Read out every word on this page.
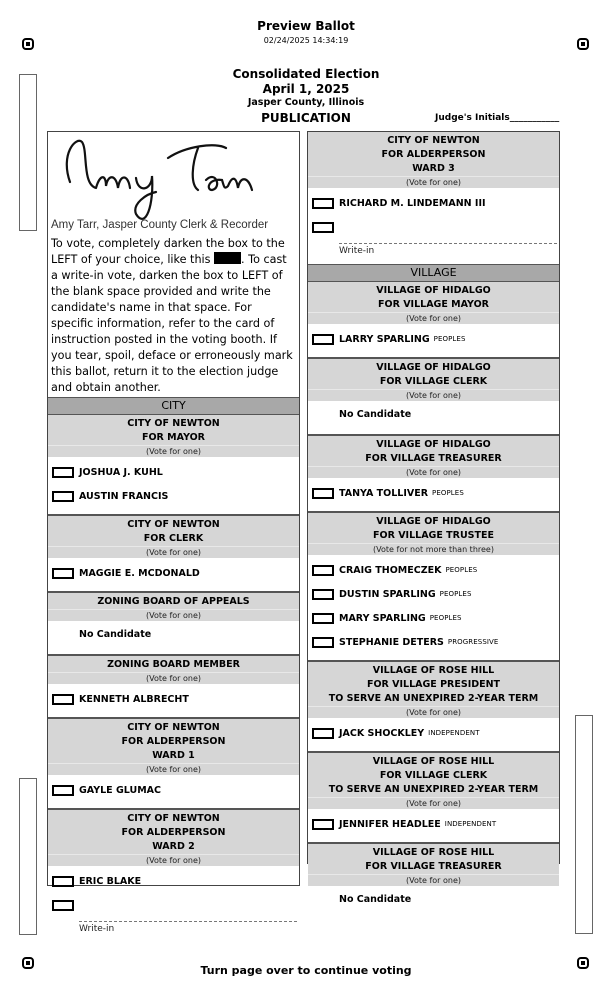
Preview Ballot
02/24/2025 14:34:19
Consolidated Election
April 1, 2025
Jasper County, Illinois
PUBLICATION	Judge's Initials___________
Amy Tarr, Jasper County Clerk & Recorder
To vote, completely darken the box to the LEFT of your choice, like this . To cast a write-in vote, darken the box to LEFT of the blank space provided and write the candidate's name in that space. For specific information, refer to the card of instruction posted in the voting booth. If you tear, spoil, deface or erroneously mark this ballot, return it to the election judge and obtain another.
CITY
CITY OF NEWTON
FOR MAYOR
(Vote for one)
JOSHUA J. KUHL
AUSTIN FRANCIS
CITY OF NEWTON
FOR CLERK
(Vote for one)
MAGGIE E. MCDONALD
ZONING BOARD OF APPEALS
(Vote for one)
No Candidate
ZONING BOARD MEMBER
(Vote for one)
KENNETH ALBRECHT
CITY OF NEWTON
FOR ALDERPERSON
WARD 1
(Vote for one)
GAYLE GLUMAC
CITY OF NEWTON
FOR ALDERPERSON
WARD 2
(Vote for one)
ERIC BLAKE
Write-in
CITY OF NEWTON
FOR ALDERPERSON
WARD 3
(Vote for one)
RICHARD M. LINDEMANN III
Write-in
VILLAGE
VILLAGE OF HIDALGO
FOR VILLAGE MAYOR
(Vote for one)
LARRY SPARLING PEOPLES
VILLAGE OF HIDALGO
FOR VILLAGE CLERK
(Vote for one)
No Candidate
VILLAGE OF HIDALGO
FOR VILLAGE TREASURER
(Vote for one)
TANYA TOLLIVER PEOPLES
VILLAGE OF HIDALGO
FOR VILLAGE TRUSTEE
(Vote for not more than three)
CRAIG THOMECZEK PEOPLES
DUSTIN SPARLING PEOPLES
MARY SPARLING PEOPLES
STEPHANIE DETERS PROGRESSIVE
VILLAGE OF ROSE HILL
FOR VILLAGE PRESIDENT
TO SERVE AN UNEXPIRED 2-YEAR TERM
(Vote for one)
JACK SHOCKLEY INDEPENDENT
VILLAGE OF ROSE HILL
FOR VILLAGE CLERK
TO SERVE AN UNEXPIRED 2-YEAR TERM
(Vote for one)
JENNIFER HEADLEE INDEPENDENT
VILLAGE OF ROSE HILL
FOR VILLAGE TREASURER
(Vote for one)
No Candidate
Turn page over to continue voting
